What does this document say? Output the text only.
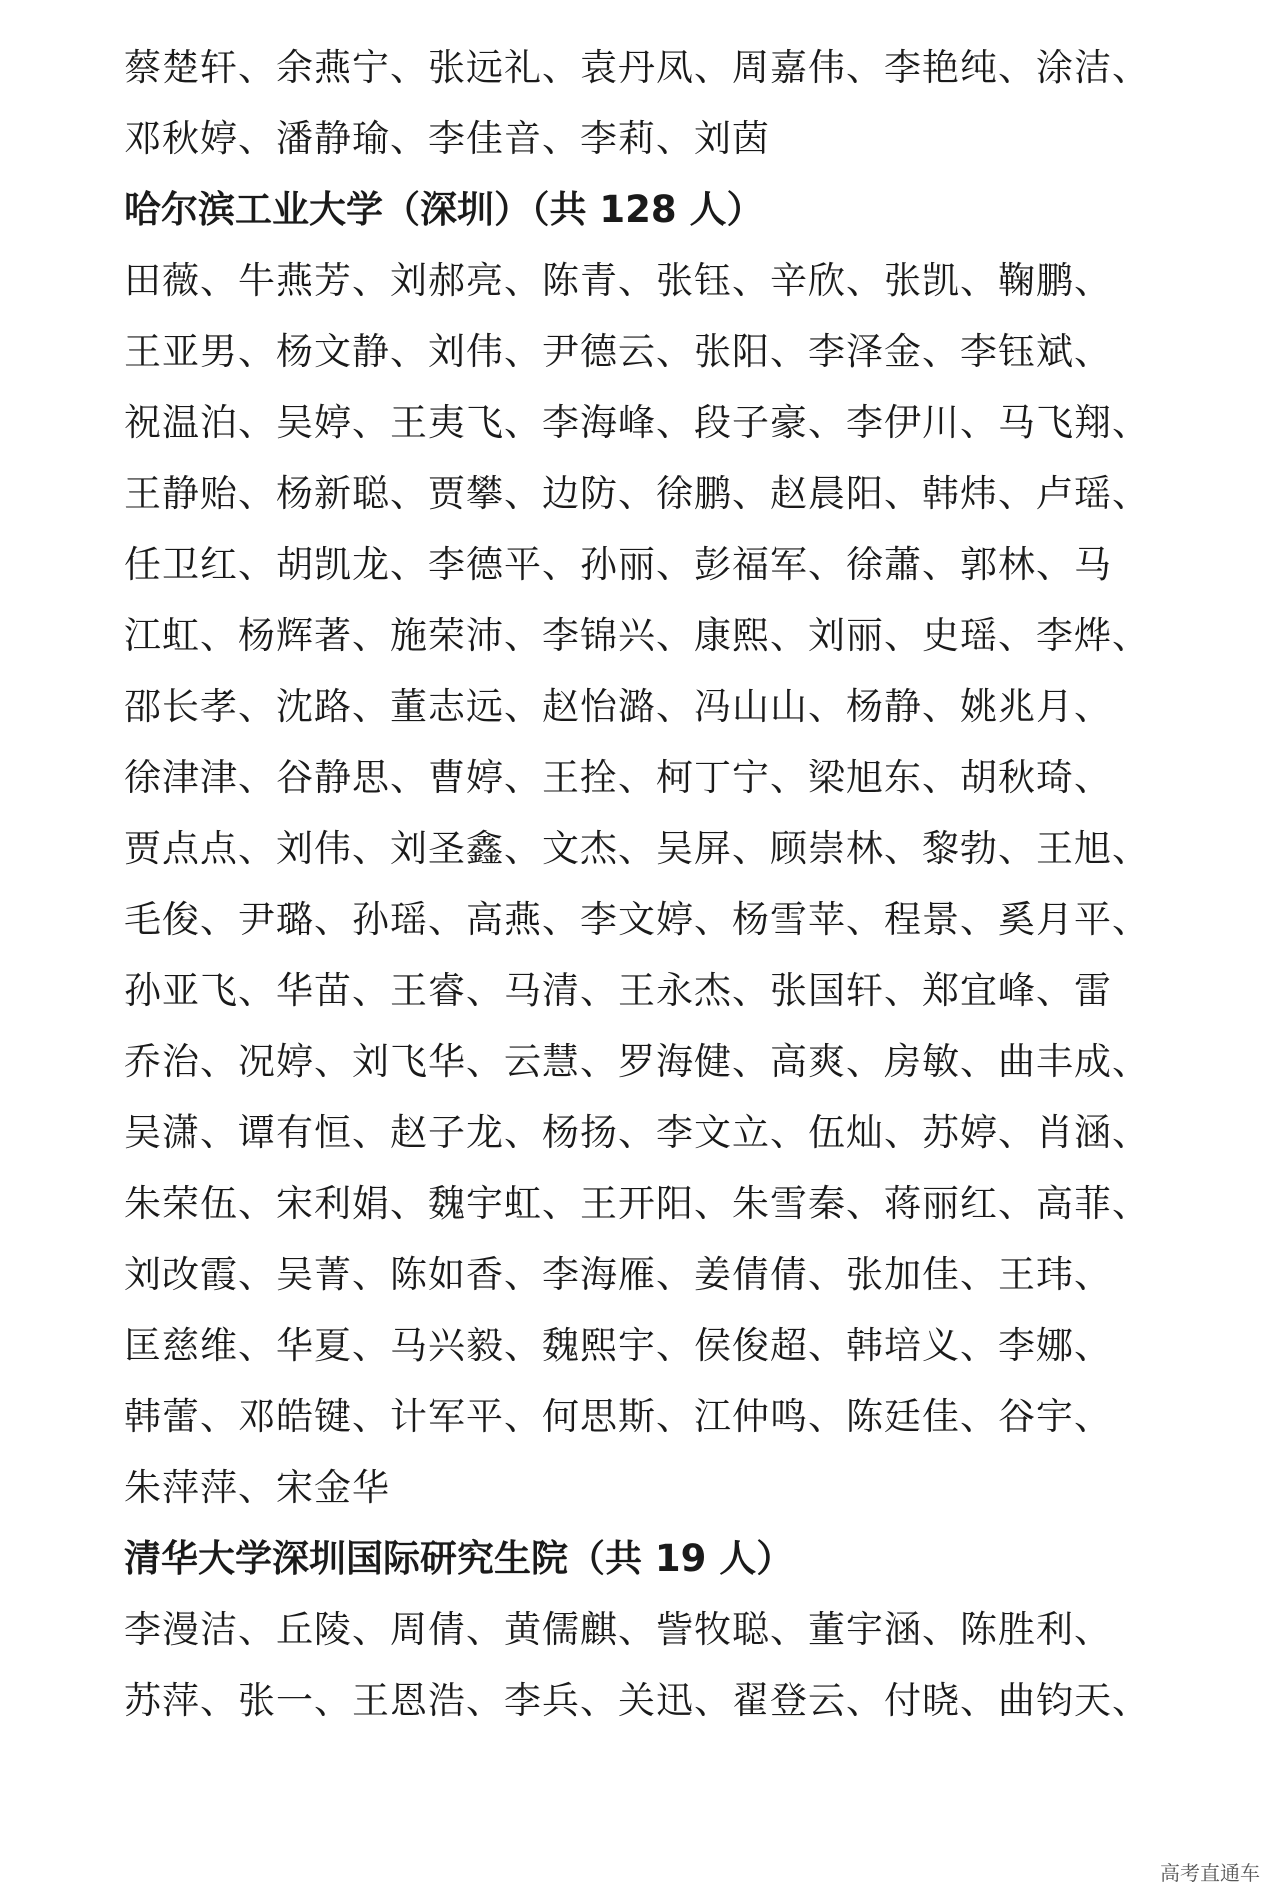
蔡楚轩、余燕宁、张远礼、袁丹凤、周嘉伟、李艳纯、涂洁、
邓秋婷、潘静瑜、李佳音、李莉、刘茵
哈尔滨工业大学（深圳）（共 128 人）
田薇、牛燕芳、刘郝亮、陈青、张钰、辛欣、张凯、鞠鹏、
王亚男、杨文静、刘伟、尹德云、张阳、李泽金、李钰斌、
祝温泊、吴婷、王夷飞、李海峰、段子豪、李伊川、马飞翔、
王静贻、杨新聪、贾攀、边防、徐鹏、赵晨阳、韩炜、卢瑶、
任卫红、胡凯龙、李德平、孙丽、彭福军、徐蕭、郭林、马
江虹、杨辉著、施荣沛、李锦兴、康熙、刘丽、史瑶、李烨、
邵长孝、沈路、董志远、赵怡潞、冯山山、杨静、姚兆月、
徐津津、谷静思、曹婷、王拴、柯丁宁、梁旭东、胡秋琦、
贾点点、刘伟、刘圣鑫、文杰、吴屏、顾崇林、黎勃、王旭、
毛俊、尹璐、孙瑶、高燕、李文婷、杨雪苹、程景、奚月平、
孙亚飞、华苗、王睿、马清、王永杰、张国轩、郑宜峰、雷
乔治、况婷、刘飞华、云慧、罗海健、高爽、房敏、曲丰成、
吴潇、谭有恒、赵子龙、杨扬、李文立、伍灿、苏婷、肖涵、
朱荣伍、宋利娟、魏宇虹、王开阳、朱雪秦、蒋丽红、高菲、
刘改霞、吴菁、陈如香、李海雁、姜倩倩、张加佳、王玮、
匡慈维、华夏、马兴毅、魏熙宇、侯俊超、韩培义、李娜、
韩蕾、邓皓键、计军平、何思斯、江仲鸣、陈廷佳、谷宇、
朱萍萍、宋金华
清华大学深圳国际研究生院（共 19 人）
李漫洁、丘陵、周倩、黄儒麒、訾牧聪、董宇涵、陈胜利、
苏萍、张一、王恩浩、李兵、关迅、翟登云、付晓、曲钧天、
高考直通车
